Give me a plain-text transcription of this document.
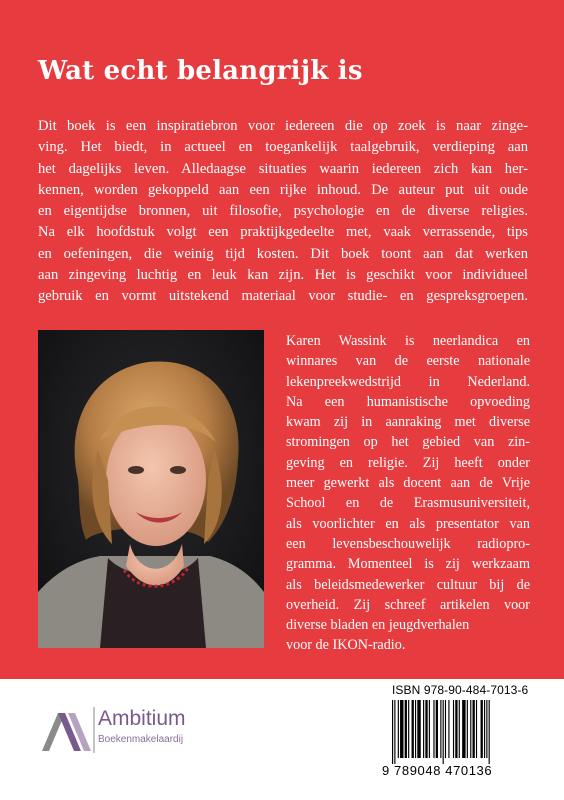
Wat echt belangrijk is

Dit boek is een inspiratiebron voor iedereen die op zoek is naar zinge-
ving. Het biedt, in actueel en toegankelijk taalgebruik, verdieping aan
het dagelijks leven. Alledaagse situaties waarin iedereen zich kan her-
kennen, worden gekoppeld aan een rijke inhoud. De auteur put uit oude
en eigentijdse bronnen, uit filosofie, psychologie en de diverse religies.
Na elk hoofdstuk volgt een praktijkgedeelte met, vaak verrassende, tips
en oefeningen, die weinig tijd kosten. Dit boek toont aan dat werken
aan zingeving luchtig en leuk kan zijn. Het is geschikt voor individueel
gebruik en vormt uitstekend materiaal voor studie- en gespreksgroepen.

Karen Wassink is neerlandica en
winnares van de eerste nationale
lekenpreekwedstrijd in Nederland.
Na een humanistische opvoeding
kwam zij in aanraking met diverse
stromingen op het gebied van zin-
geving en religie. Zij heeft onder
meer gewerkt als docent aan de Vrije
School en de Erasmusuniversiteit,
als voorlichter en als presentator van
een levensbeschouwelijk radiopro-
gramma. Momenteel is zij werkzaam
als beleidsmedewerker cultuur bij de
overheid. Zij schreef artikelen voor
diverse bladen en jeugdverhalen
voor de IKON-radio.

Ambitium
Boekenmakelaardij
ISBN 978-90-484-7013-6
9 789048 470136
